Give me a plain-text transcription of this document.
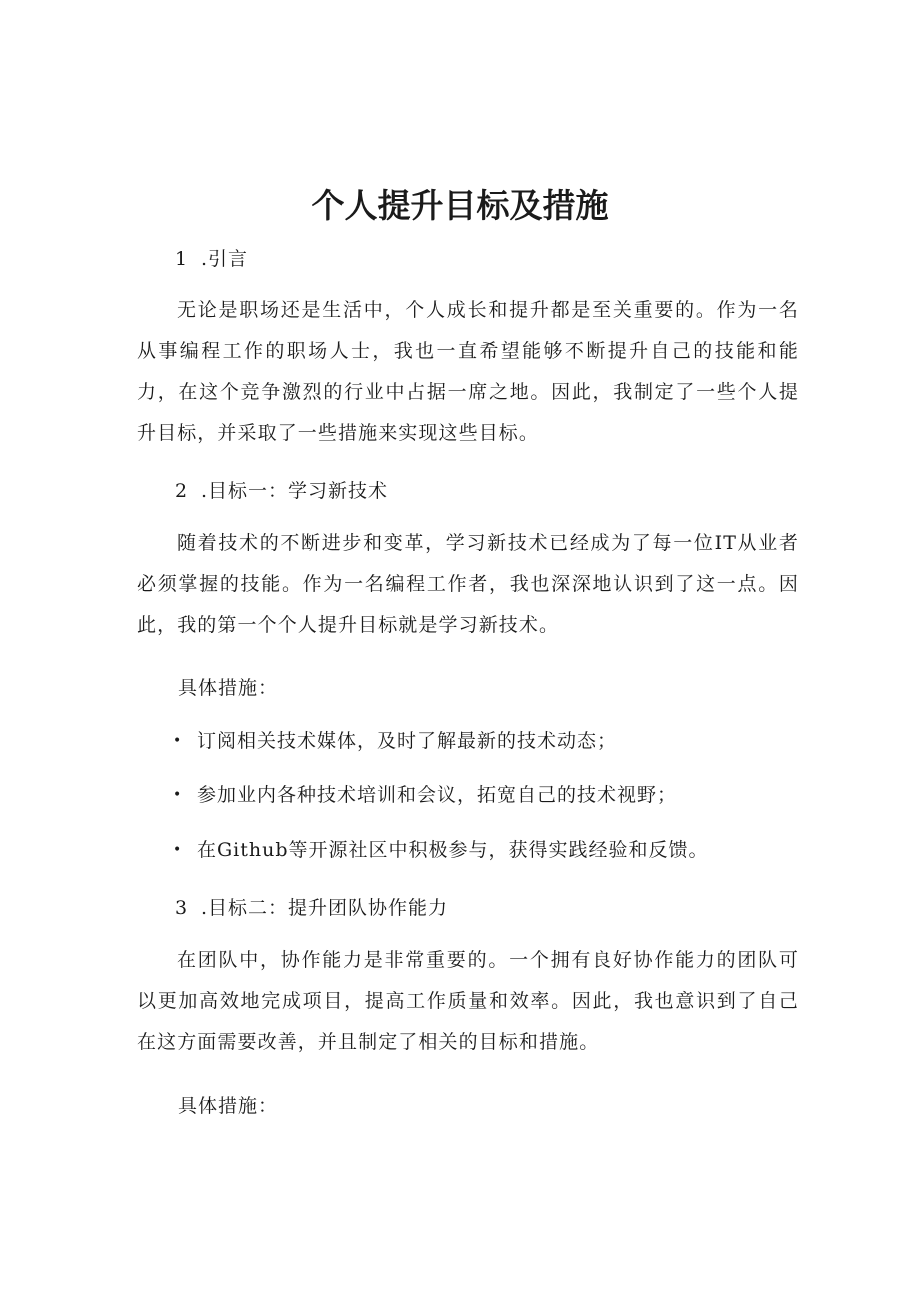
个人提升目标及措施
1 .引言

无论是职场还是生活中，个人成长和提升都是至关重要的。作为一名从事编程工作的职场人士，我也一直希望能够不断提升自己的技能和能力，在这个竞争激烈的行业中占据一席之地。因此，我制定了一些个人提升目标，并采取了一些措施来实现这些目标。

2 .目标一：学习新技术

随着技术的不断进步和变革，学习新技术已经成为了每一位IT从业者必须掌握的技能。作为一名编程工作者，我也深深地认识到了这一点。因此，我的第一个个人提升目标就是学习新技术。

具体措施：
• 订阅相关技术媒体，及时了解最新的技术动态；
• 参加业内各种技术培训和会议，拓宽自己的技术视野；
• 在Github等开源社区中积极参与，获得实践经验和反馈。
3 .目标二：提升团队协作能力

在团队中，协作能力是非常重要的。一个拥有良好协作能力的团队可以更加高效地完成项目，提高工作质量和效率。因此，我也意识到了自己在这方面需要改善，并且制定了相关的目标和措施。

具体措施：
